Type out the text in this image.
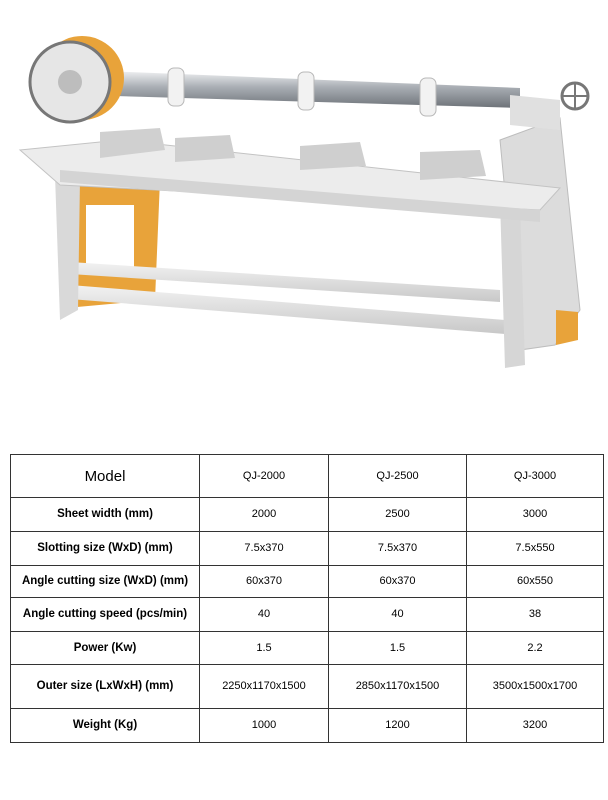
Model	QJ-2000	QJ-2500	QJ-3000
Sheet width (mm)	2000	2500	3000
Slotting size (WxD) (mm)	7.5x370	7.5x370	7.5x550
Angle cutting size (WxD) (mm)	60x370	60x370	60x550
Angle cutting speed (pcs/min)	40	40	38
Power (Kw)	1.5	1.5	2.2
Outer size (LxWxH) (mm)	2250x1170x1500	2850x1170x1500	3500x1500x1700
Weight (Kg)	1000	1200	3200
